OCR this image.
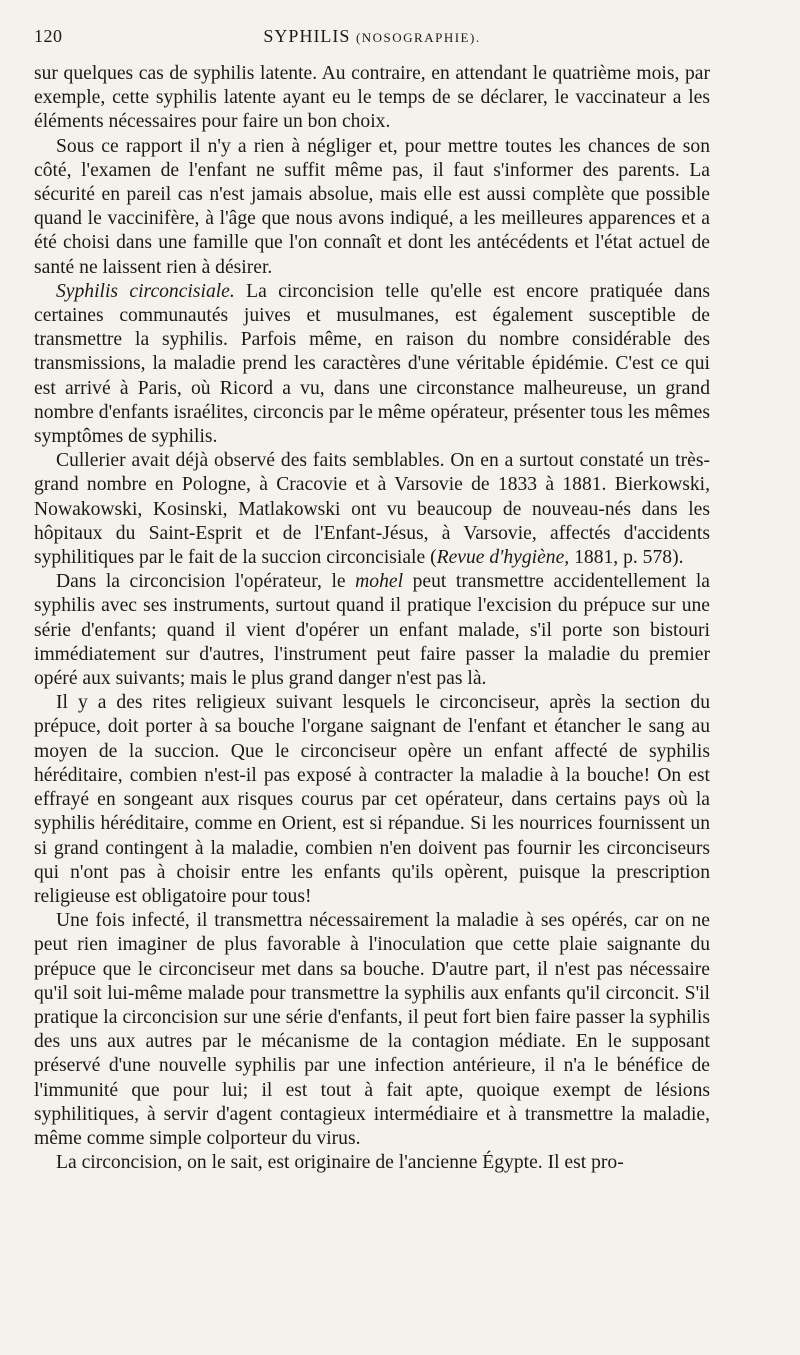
120	SYPHILIS (NOSOGRAPHIE).

sur quelques cas de syphilis latente. Au contraire, en attendant le quatrième mois, par exemple, cette syphilis latente ayant eu le temps de se déclarer, le vaccinateur a les éléments nécessaires pour faire un bon choix.

Sous ce rapport il n'y a rien à négliger et, pour mettre toutes les chances de son côté, l'examen de l'enfant ne suffit même pas, il faut s'informer des parents. La sécurité en pareil cas n'est jamais absolue, mais elle est aussi complète que possible quand le vaccinifère, à l'âge que nous avons indiqué, a les meilleures apparences et a été choisi dans une famille que l'on connaît et dont les antécédents et l'état actuel de santé ne laissent rien à désirer.

Syphilis circoncisiale. La circoncision telle qu'elle est encore pratiquée dans certaines communautés juives et musulmanes, est également susceptible de transmettre la syphilis. Parfois même, en raison du nombre considérable des transmissions, la maladie prend les caractères d'une véritable épidémie. C'est ce qui est arrivé à Paris, où Ricord a vu, dans une circonstance malheureuse, un grand nombre d'enfants israélites, circoncis par le même opérateur, présenter tous les mêmes symptômes de syphilis.

Cullerier avait déjà observé des faits semblables. On en a surtout constaté un très-grand nombre en Pologne, à Cracovie et à Varsovie de 1833 à 1881. Bierkowski, Nowakowski, Kosinski, Matlakowski ont vu beaucoup de nouveau-nés dans les hôpitaux du Saint-Esprit et de l'Enfant-Jésus, à Varsovie, affectés d'accidents syphilitiques par le fait de la succion circoncisiale (Revue d'hygiène, 1881, p. 578).

Dans la circoncision l'opérateur, le mohel peut transmettre accidentellement la syphilis avec ses instruments, surtout quand il pratique l'excision du prépuce sur une série d'enfants; quand il vient d'opérer un enfant malade, s'il porte son bistouri immédiatement sur d'autres, l'instrument peut faire passer la maladie du premier opéré aux suivants; mais le plus grand danger n'est pas là.

Il y a des rites religieux suivant lesquels le circonciseur, après la section du prépuce, doit porter à sa bouche l'organe saignant de l'enfant et étancher le sang au moyen de la succion. Que le circonciseur opère un enfant affecté de syphilis héréditaire, combien n'est-il pas exposé à contracter la maladie à la bouche! On est effrayé en songeant aux risques courus par cet opérateur, dans certains pays où la syphilis héréditaire, comme en Orient, est si répandue. Si les nourrices fournissent un si grand contingent à la maladie, combien n'en doivent pas fournir les circonciseurs qui n'ont pas à choisir entre les enfants qu'ils opèrent, puisque la prescription religieuse est obligatoire pour tous!

Une fois infecté, il transmettra nécessairement la maladie à ses opérés, car on ne peut rien imaginer de plus favorable à l'inoculation que cette plaie saignante du prépuce que le circonciseur met dans sa bouche. D'autre part, il n'est pas nécessaire qu'il soit lui-même malade pour transmettre la syphilis aux enfants qu'il circoncit. S'il pratique la circoncision sur une série d'enfants, il peut fort bien faire passer la syphilis des uns aux autres par le mécanisme de la contagion médiate. En le supposant préservé d'une nouvelle syphilis par une infection antérieure, il n'a le bénéfice de l'immunité que pour lui; il est tout à fait apte, quoique exempt de lésions syphilitiques, à servir d'agent contagieux intermédiaire et à transmettre la maladie, même comme simple colporteur du virus.

La circoncision, on le sait, est originaire de l'ancienne Égypte. Il est pro-
